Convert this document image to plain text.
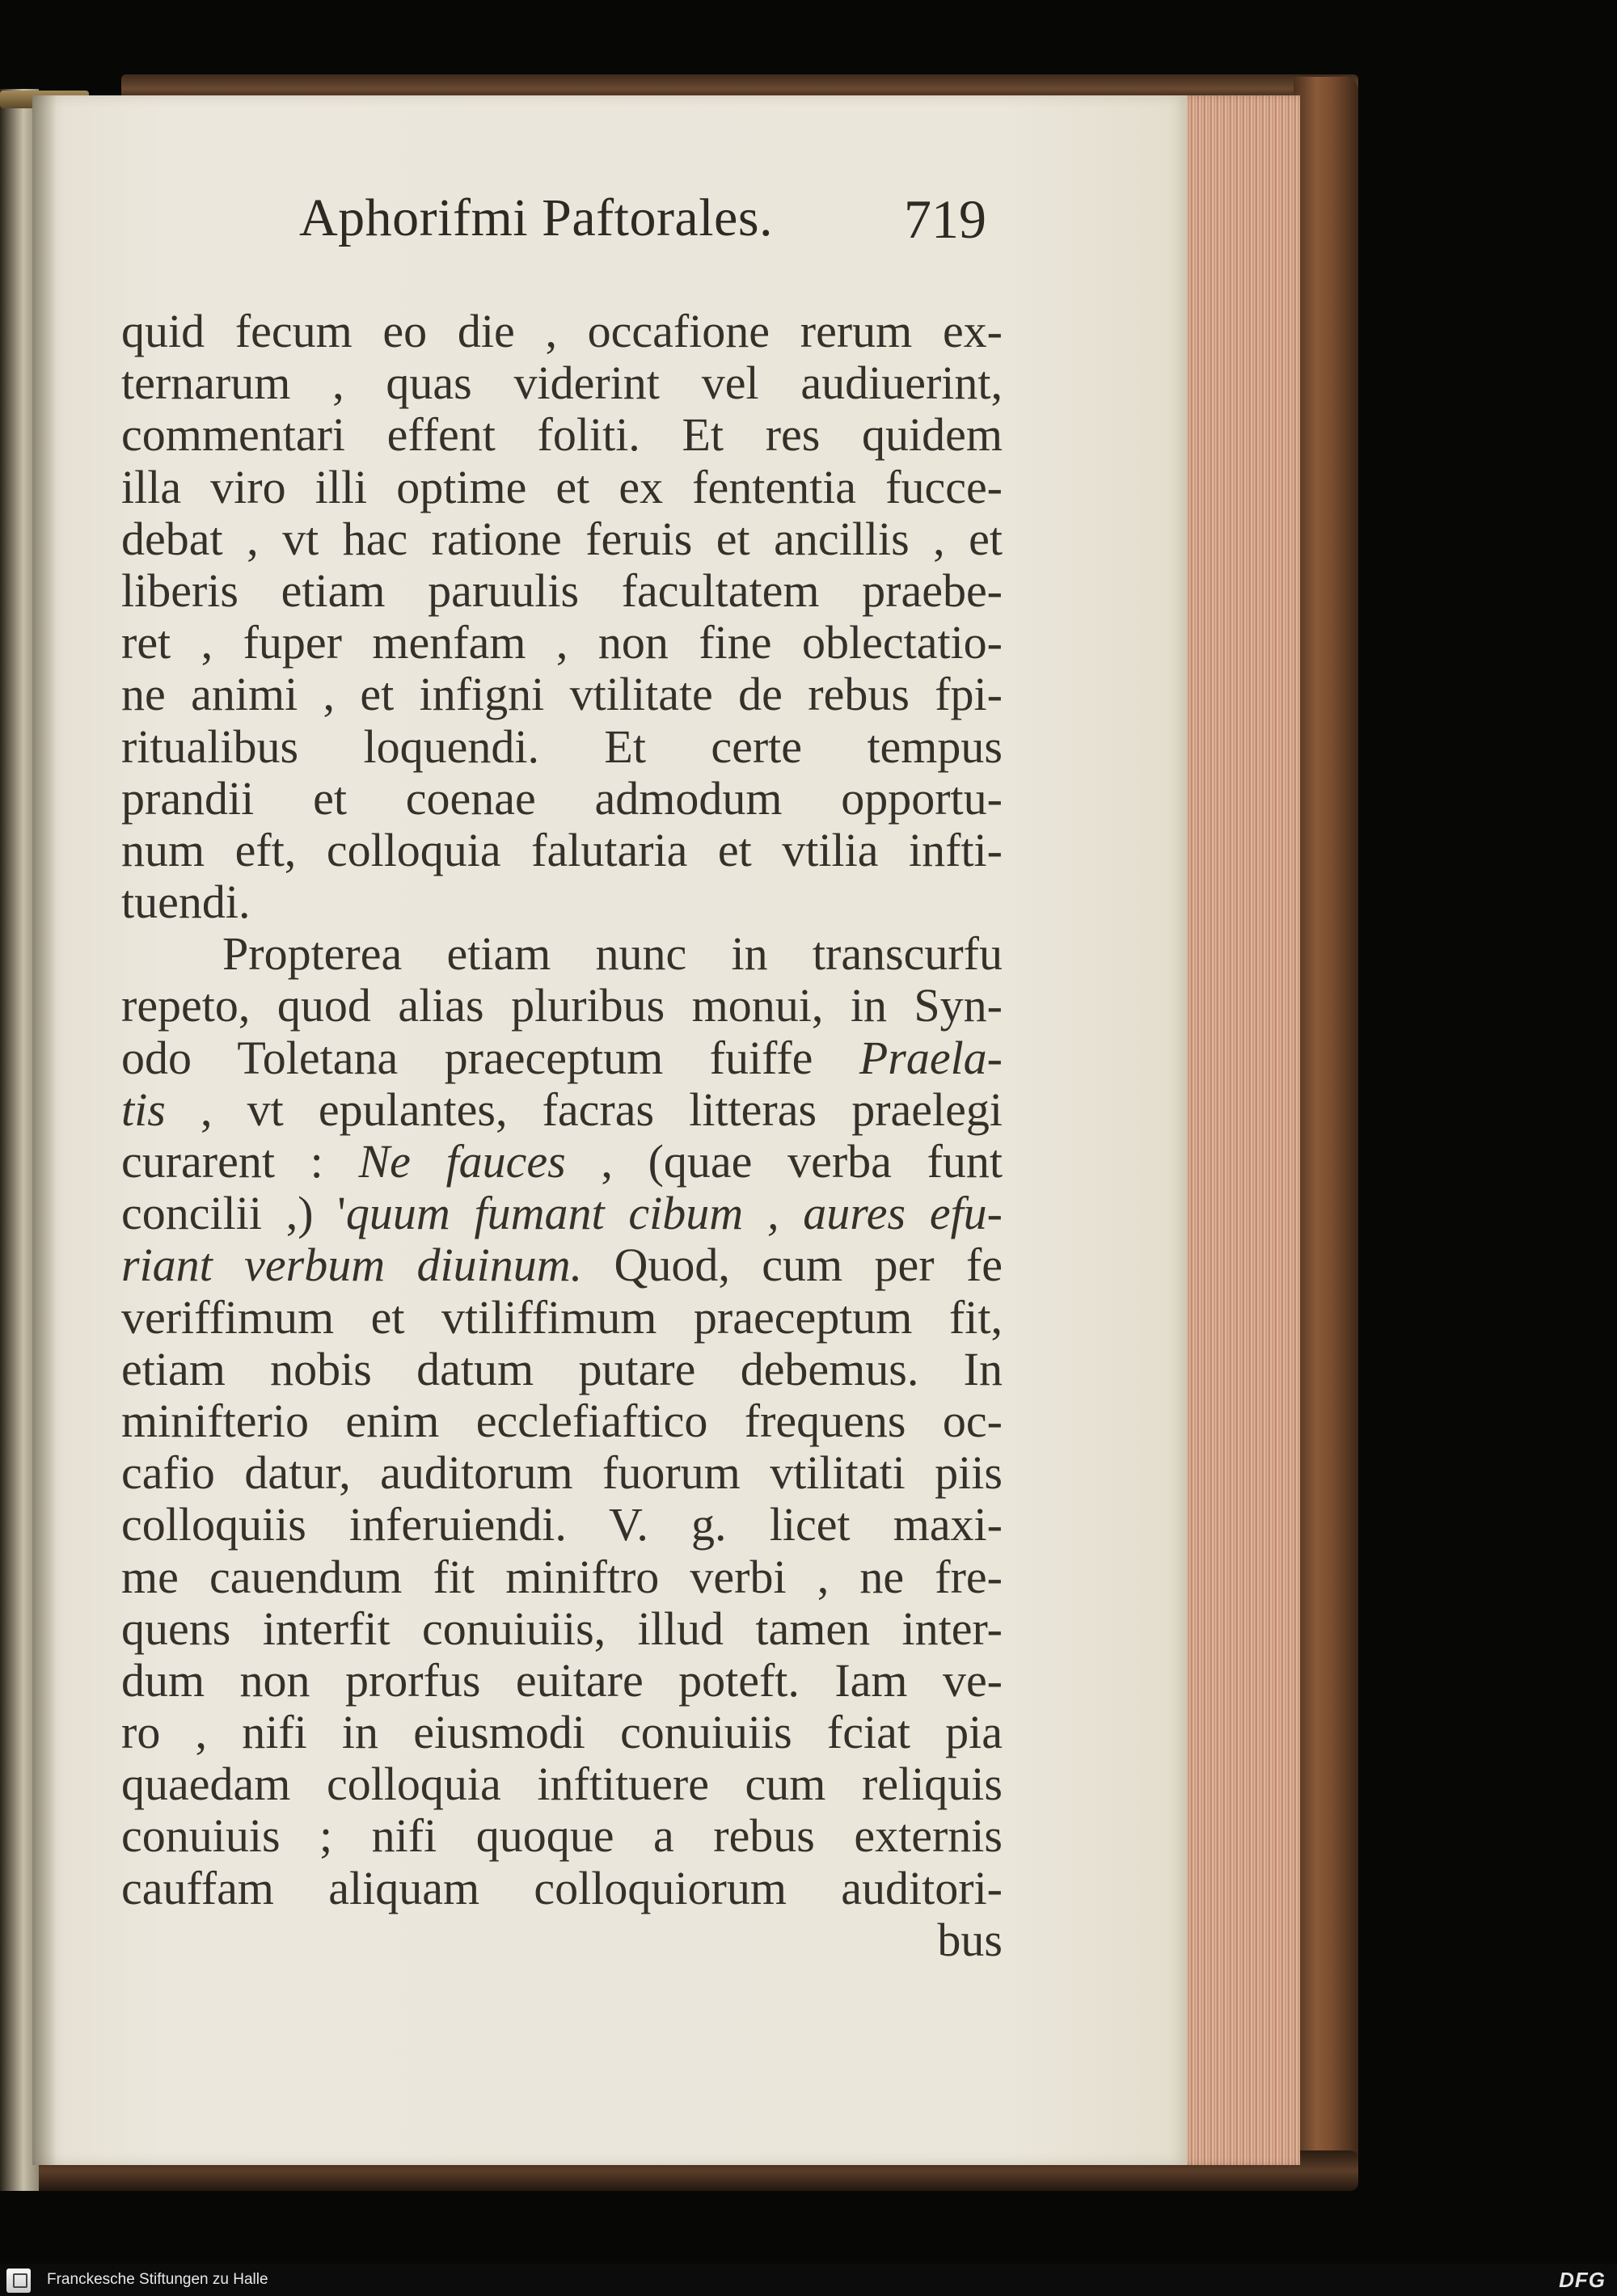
Aphorifmi Paftorales. 719
quid fecum eo die , occafione rerum ex-
ternarum , quas viderint vel audiuerint,
commentari effent foliti. Et res quidem
illa viro illi optime et ex fententia fucce-
debat , vt hac ratione feruis et ancillis , et
liberis etiam paruulis facultatem praebe-
ret , fuper menfam , non fine oblectatio-
ne animi , et infigni vtilitate de rebus fpi-
ritualibus loquendi. Et certe tempus
prandii et coenae admodum opportu-
num eft, colloquia falutaria et vtilia infti-
tuendi.
Propterea etiam nunc in transcurfu
repeto, quod alias pluribus monui, in Syn-
odo Toletana praeceptum fuiffe Praela-
tis , vt epulantes, facras litteras praelegi
curarent : Ne fauces , (quae verba funt
concilii ,) 'quum fumant cibum , aures efu-
riant verbum diuinum. Quod, cum per fe
veriffimum et vtiliffimum praeceptum fit,
etiam nobis datum putare debemus. In
minifterio enim ecclefiaftico frequens oc-
cafio datur, auditorum fuorum vtilitati piis
colloquiis inferuiendi. V. g. licet maxi-
me cauendum fit miniftro verbi , ne fre-
quens interfit conuiuiis, illud tamen inter-
dum non prorfus euitare poteft. Iam ve-
ro , nifi in eiusmodi conuiuiis fciat pia
quaedam colloquia inftituere cum reliquis
conuiuis ; nifi quoque a rebus externis
cauffam aliquam colloquiorum auditori-
bus
Franckesche Stiftungen zu Halle	DFG
